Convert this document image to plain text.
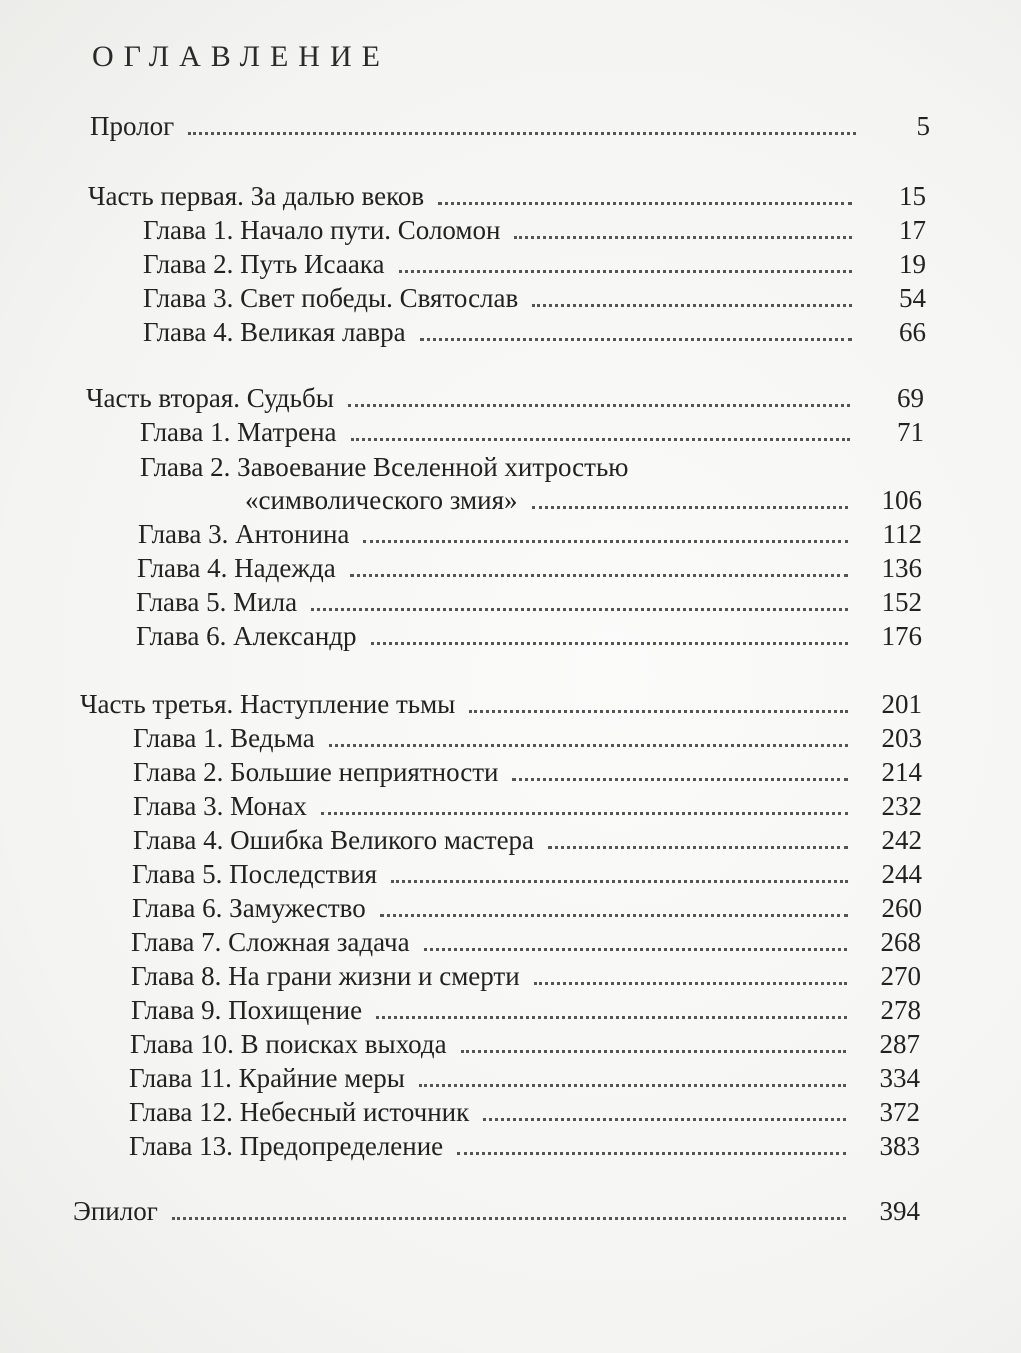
ОГЛАВЛЕНИЕ
Пролог	5
Часть первая. За далью веков	15
Глава 1. Начало пути. Соломон	17
Глава 2. Путь Исаака	19
Глава 3. Свет победы. Святослав	54
Глава 4. Великая лавра	66
Часть вторая. Судьбы	69
Глава 1. Матрена	71
Глава 2. Завоевание Вселенной хитростью
«символического змия»	106
Глава 3. Антонина	112
Глава 4. Надежда	136
Глава 5. Мила	152
Глава 6. Александр	176
Часть третья. Наступление тьмы	201
Глава 1. Ведьма	203
Глава 2. Большие неприятности	214
Глава 3. Монах	232
Глава 4. Ошибка Великого мастера	242
Глава 5. Последствия	244
Глава 6. Замужество	260
Глава 7. Сложная задача	268
Глава 8. На грани жизни и смерти	270
Глава 9. Похищение	278
Глава 10. В поисках выхода	287
Глава 11. Крайние меры	334
Глава 12. Небесный источник	372
Глава 13. Предопределение	383
Эпилог	394
